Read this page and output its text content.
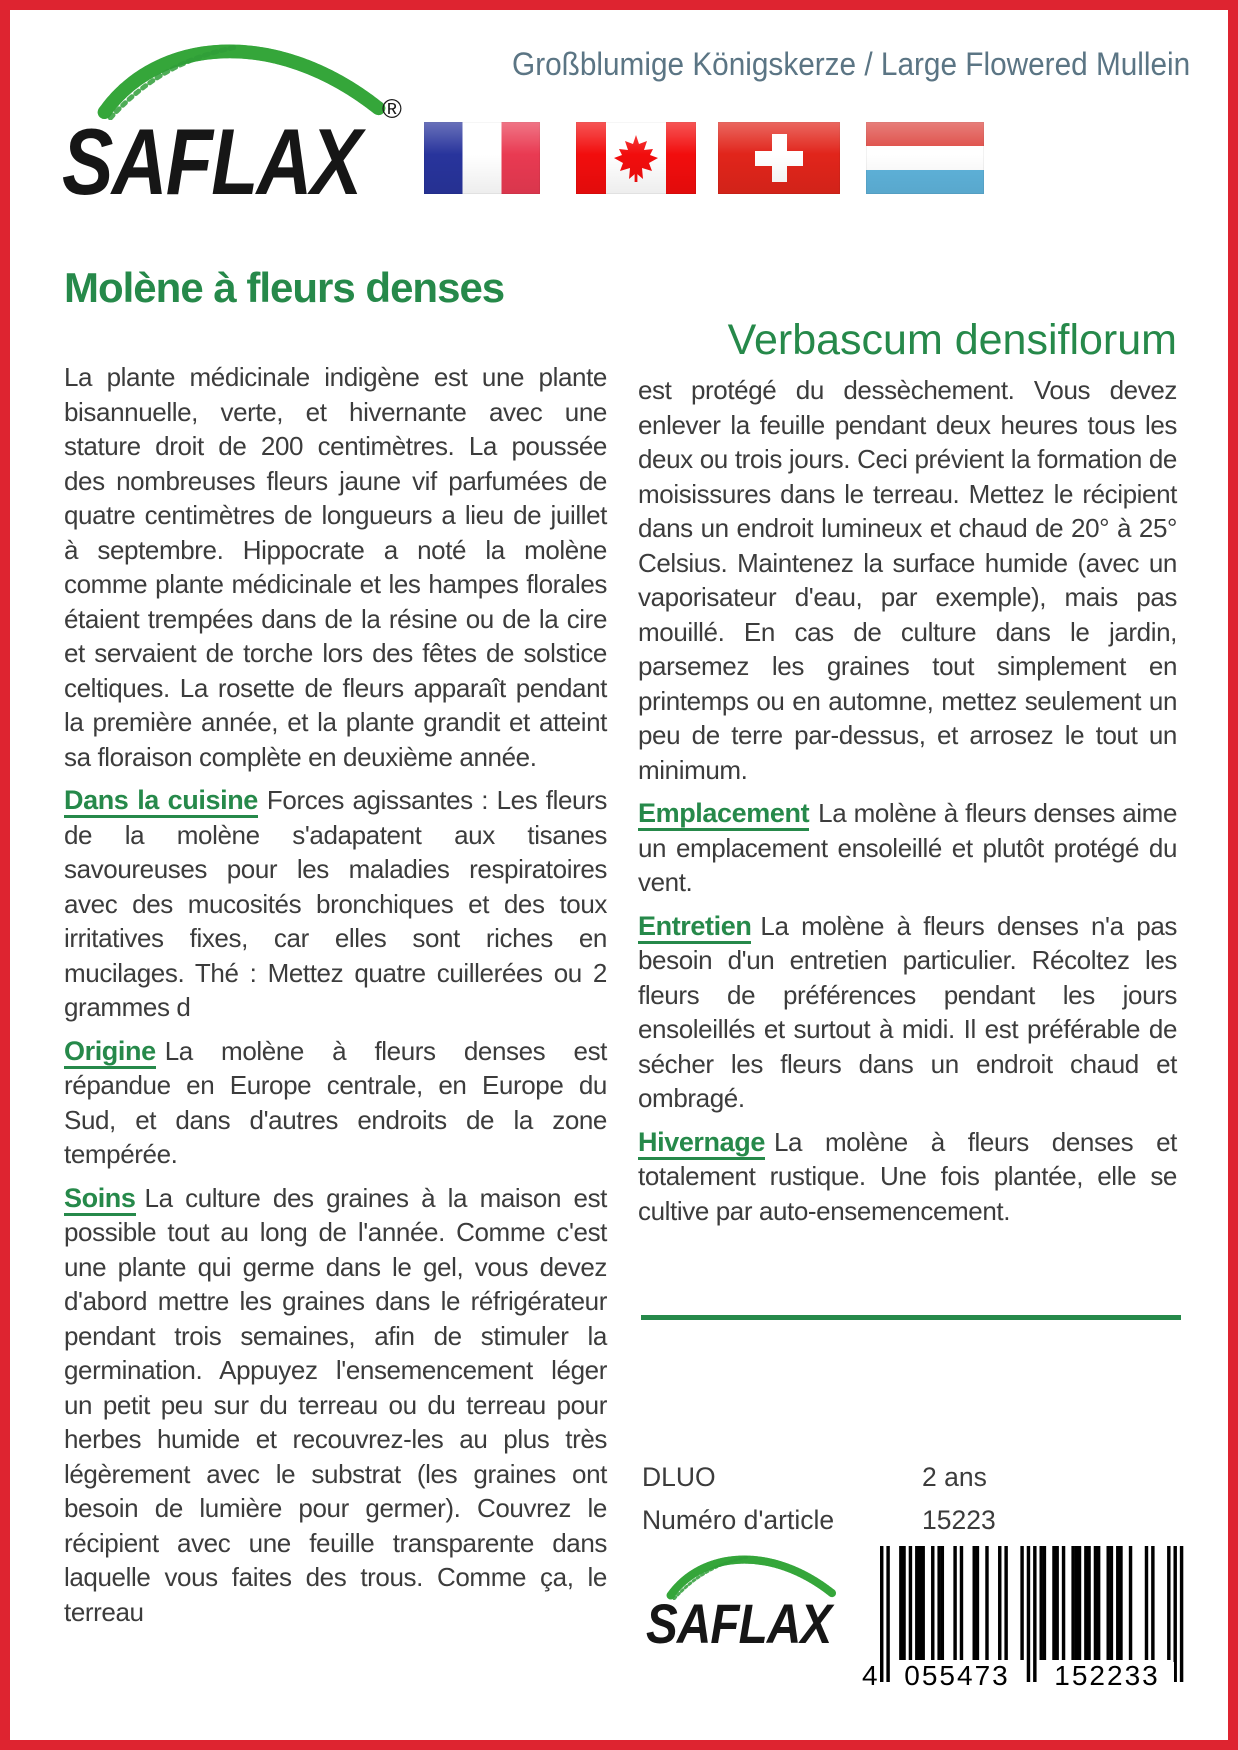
SAFLAX ®
Großblumige Königskerze / Large Flowered Mullein
Molène à fleurs denses

La plante médicinale indigène est une plante bisannuelle, verte, et hivernante avec une stature droit de 200 centimètres. La poussée des nombreuses fleurs jaune vif parfumées de quatre centimètres de longueurs a lieu de juillet à septembre. Hippocrate a noté la molène comme plante médicinale et les hampes florales étaient trempées dans de la résine ou de la cire et servaient de torche lors des fêtes de solstice celtiques. La rosette de fleurs apparaît pendant la première année, et la plante grandit et atteint sa floraison complète en deuxième année.

Dans la cuisine Forces agissantes : Les fleurs de la molène s'adapatent aux tisanes savoureuses pour les maladies respiratoires avec des mucosités bronchiques et des toux irritatives fixes, car elles sont riches en mucilages. Thé : Mettez quatre cuillerées ou 2 grammes d

Origine La molène à fleurs denses est répandue en Europe centrale, en Europe du Sud, et dans d'autres endroits de la zone tempérée.

Soins La culture des graines à la maison est possible tout au long de l'année. Comme c'est une plante qui germe dans le gel, vous devez d'abord mettre les graines dans le réfrigérateur pendant trois semaines, afin de stimuler la germination. Appuyez l'ensemencement léger un petit peu sur du terreau ou du terreau pour herbes humide et recouvrez-les au plus très légèrement avec le substrat (les graines ont besoin de lumière pour germer). Couvrez le récipient avec une feuille transparente dans laquelle vous faites des trous. Comme ça, le terreau

Verbascum densiflorum

est protégé du dessèchement. Vous devez enlever la feuille pendant deux heures tous les deux ou trois jours. Ceci prévient la formation de moisissures dans le terreau. Mettez le récipient dans un endroit lumineux et chaud de 20° à 25° Celsius. Maintenez la surface humide (avec un vaporisateur d'eau, par exemple), mais pas mouillé. En cas de culture dans le jardin, parsemez les graines tout simplement en printemps ou en automne, mettez seulement un peu de terre par-dessus, et arrosez le tout un minimum.

Emplacement La molène à fleurs denses aime un emplacement ensoleillé et plutôt protégé du vent.

Entretien La molène à fleurs denses n'a pas besoin d'un entretien particulier. Récoltez les fleurs de préférences pendant les jours ensoleillés et surtout à midi. Il est préférable de sécher les fleurs dans un endroit chaud et ombragé.

Hivernage La molène à fleurs denses et totalement rustique. Une fois plantée, elle se cultive par auto-ensemencement.

DLUO	2 ans
Numéro d'article	15223
SAFLAX
4 055473	152233
